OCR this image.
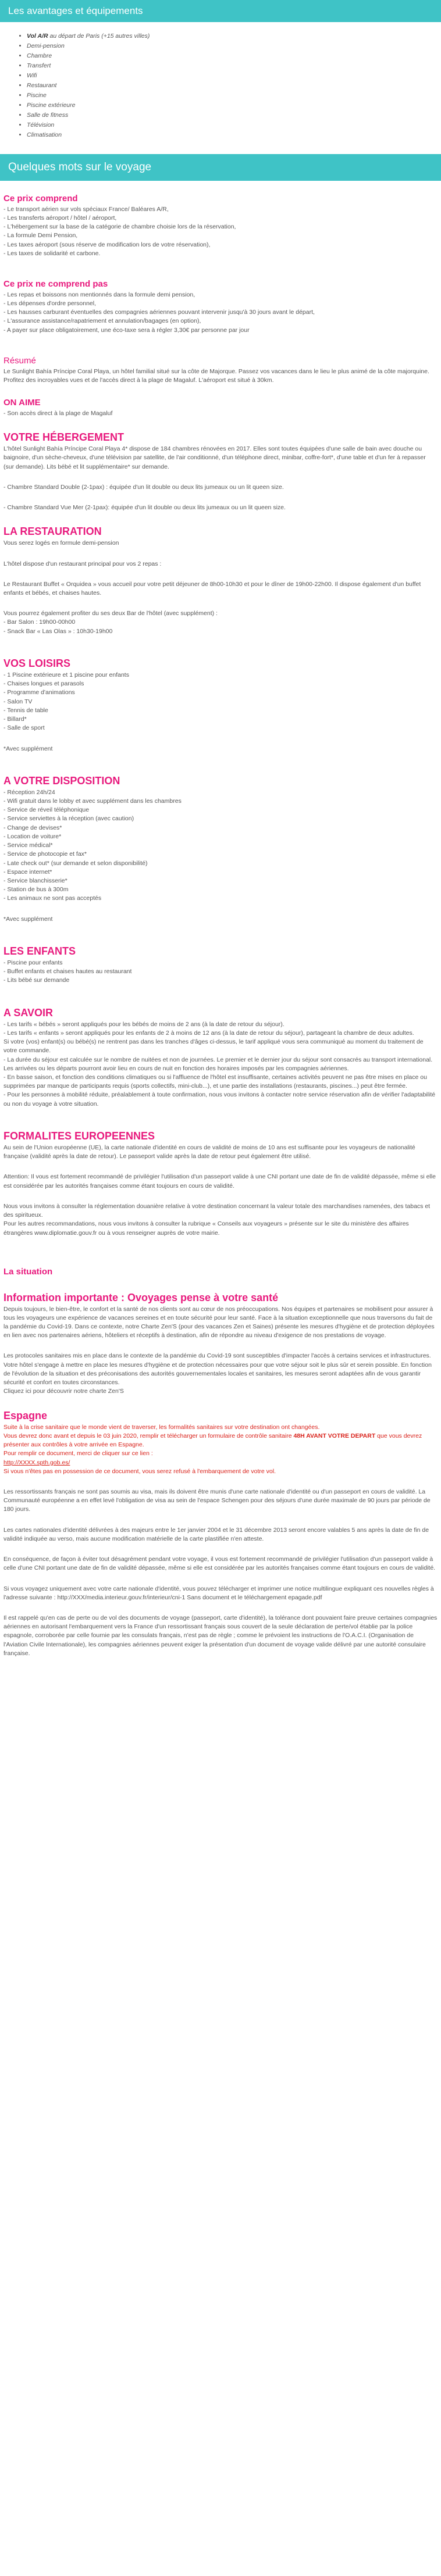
Les avantages et équipements
• Vol A/R au départ de Paris (+15 autres villes)
• Demi-pension
• Chambre
• Transfert
• Wifi
• Restaurant
• Piscine
• Piscine extérieure
• Salle de fitness
• Télévision
• Climatisation
Quelques mots sur le voyage
Ce prix comprend

- Le transport aérien sur vols spéciaux France/ Baléares A/R,

- Les transferts aéroport / hôtel / aéroport,

- L'hébergement sur la base de la catégorie de chambre choisie lors de la réservation,

- La formule Demi Pension,

- Les taxes aéroport (sous réserve de modification lors de votre réservation),

- Les taxes de solidarité et carbone.

Ce prix ne comprend pas

- Les repas et boissons non mentionnés dans la formule demi pension,

- Les dépenses d'ordre personnel,

- Les hausses carburant éventuelles des compagnies aériennes pouvant intervenir jusqu'à 30 jours avant le départ,

- L'assurance assistance/rapatriement et annulation/bagages (en option),

- A payer sur place obligatoirement, une éco-taxe sera à régler 3,30€ par personne par jour

Résumé

Le Sunlight Bahía Príncipe Coral Playa, un hôtel familial situé sur la côte de Majorque. Passez vos vacances dans le lieu le plus animé de la côte majorquine. Profitez des incroyables vues et de l'accès direct à la plage de Magaluf. L'aéroport est situé à 30km.

ON AIME

- Son accès direct à la plage de Magaluf

VOTRE HÉBERGEMENT

L'hôtel Sunlight Bahía Príncipe Coral Playa 4* dispose de 184 chambres rénovées en 2017. Elles sont toutes équipées d'une salle de bain avec douche ou baignoire, d'un sèche-cheveux, d'une télévision par satellite, de l'air conditionné, d'un téléphone direct, minibar, coffre-fort*, d'une table et d'un fer à repasser (sur demande). Lits bébé et lit supplémentaire* sur demande.

- Chambre Standard Double (2-1pax) : équipée d'un lit double ou deux lits jumeaux ou un lit queen size.

- Chambre Standard Vue Mer (2-1pax): équipée d'un lit double ou deux lits jumeaux ou un lit queen size.

LA RESTAURATION

Vous serez logés en formule demi-pension

L'hôtel dispose d'un restaurant principal pour vos 2 repas :

Le Restaurant Buffet « Orquidea » vous accueil pour votre petit déjeuner de 8h00-10h30 et pour le dîner de 19h00-22h00. Il dispose également d'un buffet enfants et bébés, et chaises hautes.

Vous pourrez également profiter du ses deux Bar de l'hôtel (avec supplément) :

- Bar Salon : 19h00-00h00

- Snack Bar « Las Olas » : 10h30-19h00

VOS LOISIRS

- 1 Piscine extérieure et 1 piscine pour enfants

- Chaises longues et parasols

- Programme d'animations

- Salon TV

- Tennis de table

- Billard*

- Salle de sport

*Avec supplément

A VOTRE DISPOSITION

- Réception 24h/24

- Wifi gratuit dans le lobby et avec supplément dans les chambres

- Service de réveil téléphonique

- Service serviettes à la réception (avec caution)

- Change de devises*

- Location de voiture*

- Service médical*

- Service de photocopie et fax*

- Late check out* (sur demande et selon disponibilité)

- Espace internet*

- Service blanchisserie*

- Station de bus à 300m

- Les animaux ne sont pas acceptés

*Avec supplément

LES ENFANTS

- Piscine pour enfants

- Buffet enfants et chaises hautes au restaurant

- Lits bébé sur demande

A SAVOIR

- Les tarifs « bébés » seront appliqués pour les bébés de moins de 2 ans (à la date de retour du séjour).

- Les tarifs « enfants » seront appliqués pour les enfants de 2 à moins de 12 ans (à la date de retour du séjour), partageant la chambre de deux adultes.

Si votre (vos) enfant(s) ou bébé(s) ne rentrent pas dans les tranches d'âges ci-dessus, le tarif appliqué vous sera communiqué au moment du traitement de votre commande.

- La durée du séjour est calculée sur le nombre de nuitées et non de journées. Le premier et le dernier jour du séjour sont consacrés au transport international. Les arrivées ou les départs pourront avoir lieu en cours de nuit en fonction des horaires imposés par les compagnies aériennes.

- En basse saison, et fonction des conditions climatiques ou si l'affluence de l'hôtel est insuffisante, certaines activités peuvent ne pas être mises en place ou supprimées par manque de participants requis (sports collectifs, mini-club...), et une partie des installations (restaurants, piscines...) peut être fermée.

- Pour les personnes à mobilité réduite, préalablement à toute confirmation, nous vous invitons à contacter notre service réservation afin de vérifier l'adaptabilité ou non du voyage à votre situation.

FORMALITES EUROPEENNES

Au sein de l'Union européenne (UE), la carte nationale d'identité en cours de validité de moins de 10 ans est suffisante pour les voyageurs de nationalité française (validité après la date de retour). Le passeport valide après la date de retour peut également être utilisé.

Attention: Il vous est fortement recommandé de privilégier l'utilisation d'un passeport valide à une CNI portant une date de fin de validité dépassée, même si elle est considérée par les autorités françaises comme étant toujours en cours de validité.

Nous vous invitons à consulter la réglementation douanière relative à votre destination concernant la valeur totale des marchandises ramenées, des tabacs et des spiritueux.

Pour les autres recommandations, nous vous invitons à consulter la rubrique « Conseils aux voyageurs » présente sur le site du ministère des affaires étrangères www.diplomatie.gouv.fr ou à vous renseigner auprès de votre mairie.

La situation
Information importante : Ovoyages pense à votre santé

Depuis toujours, le bien-être, le confort et la santé de nos clients sont au cœur de nos préoccupations. Nos équipes et partenaires se mobilisent pour assurer à tous les voyageurs une expérience de vacances sereines et en toute sécurité pour leur santé. Face à la situation exceptionnelle que nous traversons du fait de la pandémie du Covid-19. Dans ce contexte, notre Charte Zen'S (pour des vacances Zen et Saines) présente les mesures d'hygiène et de protection déployées en lien avec nos partenaires aériens, hôteliers et réceptifs à destination, afin de répondre au niveau d'exigence de nos prestations de voyage.

Les protocoles sanitaires mis en place dans le contexte de la pandémie du Covid-19 sont susceptibles d'impacter l'accès à certains services et infrastructures. Votre hôtel s'engage à mettre en place les mesures d'hygiène et de protection nécessaires pour que votre séjour soit le plus sûr et serein possible. En fonction de l'évolution de la situation et des préconisations des autorités gouvernementales locales et sanitaires, les mesures seront adaptées afin de vous garantir sécurité et confort en toutes circonstances.

Cliquez ici pour découvrir notre charte Zen'S

Espagne

Suite à la crise sanitaire que le monde vient de traverser, les formalités sanitaires sur votre destination ont changées.

Vous devrez donc avant et depuis le 03 juin 2020, remplir et télécharger un formulaire de contrôle sanitaire 48H AVANT VOTRE DEPART que vous devrez présenter aux contrôles à votre arrivée en Espagne.

Pour remplir ce document, merci de cliquer sur ce lien :

http://XXXX.spth.gob.es/

Si vous n'êtes pas en possession de ce document, vous serez refusé à l'embarquement de votre vol.

Les ressortissants français ne sont pas soumis au visa, mais ils doivent être munis d'une carte nationale d'identité ou d'un passeport en cours de validité. La Communauté européenne a en effet levé l'obligation de visa au sein de l'espace Schengen pour des séjours d'une durée maximale de 90 jours par période de 180 jours.

Les cartes nationales d'identité délivrées à des majeurs entre le 1er janvier 2004 et le 31 décembre 2013 seront encore valables 5 ans après la date de fin de validité indiquée au verso, mais aucune modification matérielle de la carte plastifiée n'en atteste.

En conséquence, de façon à éviter tout désagrément pendant votre voyage, il vous est fortement recommandé de privilégier l'utilisation d'un passeport valide à celle d'une CNI portant une date de fin de validité dépassée, même si elle est considérée par les autorités françaises comme étant toujours en cours de validité.

Si vous voyagez uniquement avec votre carte nationale d'identité, vous pouvez télécharger et imprimer une notice multilingue expliquant ces nouvelles règles à l'adresse suivante : http://XXX/media.interieur.gouv.fr/interieur/cni-1 Sans document et le téléchargement epagade.pdf

Il est rappelé qu'en cas de perte ou de vol des documents de voyage (passeport, carte d'identité), la tolérance dont pouvaient faire preuve certaines compagnies aériennes en autorisant l'embarquement vers la France d'un ressortissant français sous couvert de la seule déclaration de perte/vol établie par la police espagnole, corroborée par celle fournie par les consulats français, n'est pas de règle ; comme le prévoient les instructions de l'O.A.C.I. (Organisation de l'Aviation Civile Internationale), les compagnies aériennes peuvent exiger la présentation d'un document de voyage valide délivré par une autorité consulaire française.
